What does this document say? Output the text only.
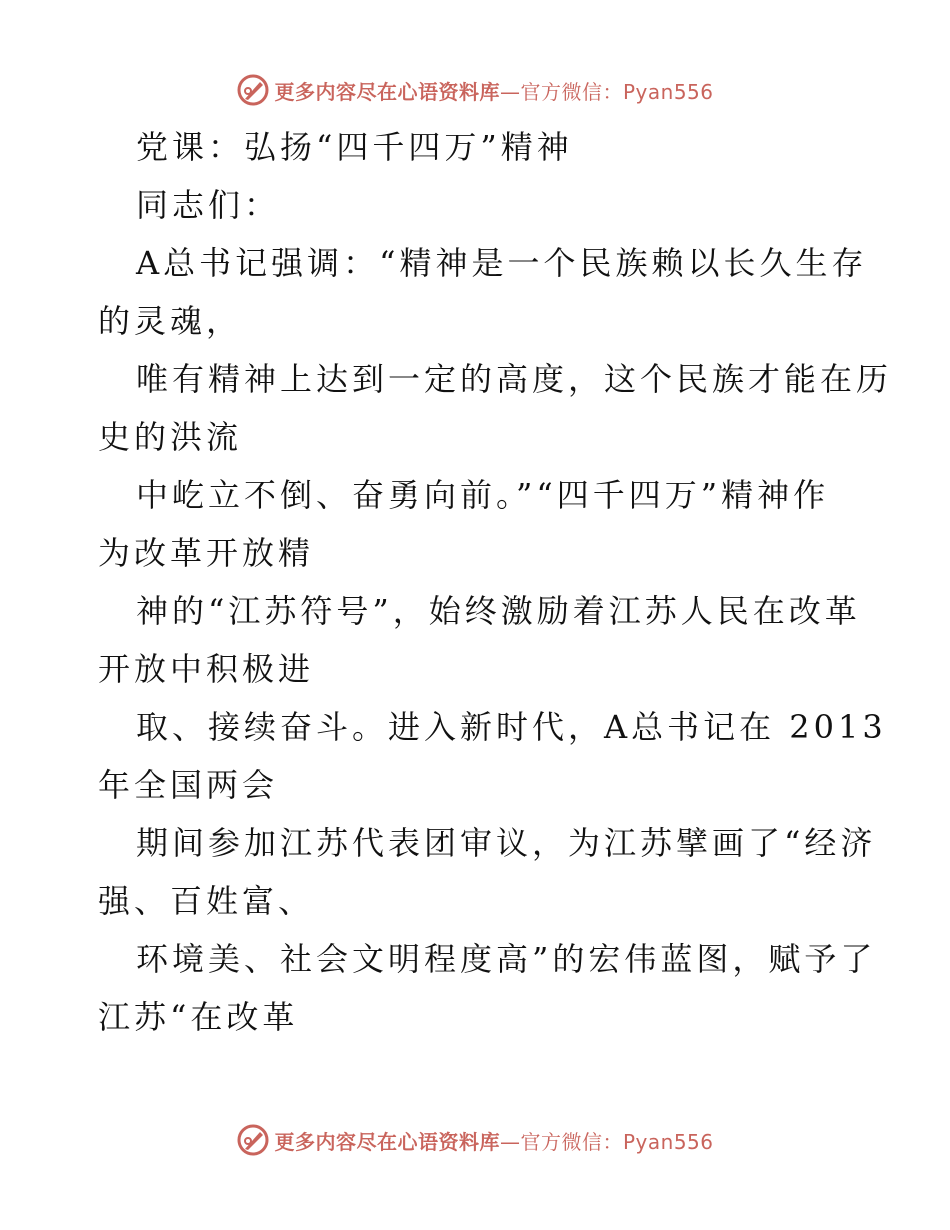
更多内容尽在心语资料库—官方微信：Pyan556
党课：弘扬“四千四万”精神
同志们：
A总书记强调：“精神是一个民族赖以长久生存
的灵魂，
唯有精神上达到一定的高度，这个民族才能在历
史的洪流
中屹立不倒、奋勇向前。”“四千四万”精神作
为改革开放精
神的“江苏符号”，始终激励着江苏人民在改革
开放中积极进
取、接续奋斗。进入新时代，A总书记在 2013
年全国两会
期间参加江苏代表团审议，为江苏擘画了“经济
强、百姓富、
环境美、社会文明程度高”的宏伟蓝图，赋予了
江苏“在改革
更多内容尽在心语资料库—官方微信：Pyan556
